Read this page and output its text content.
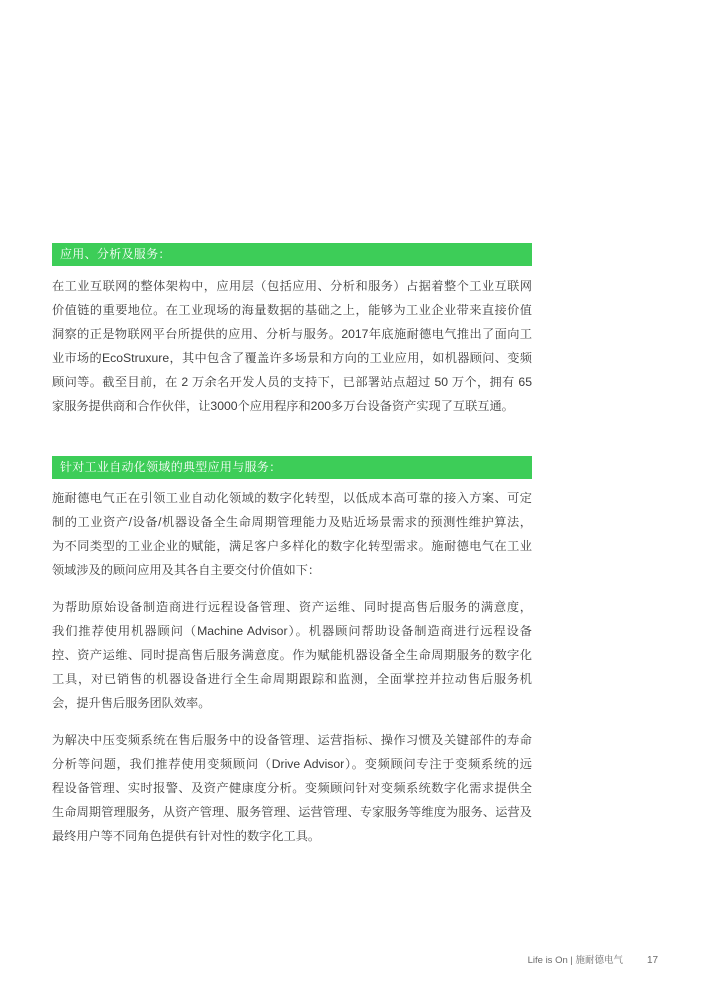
应用、分析及服务：
在工业互联网的整体架构中，应用层（包括应用、分析和服务）占据着整个工业互联网
价值链的重要地位。在工业现场的海量数据的基础之上，能够为工业企业带来直接价值
洞察的正是物联网平台所提供的应用、分析与服务。2017年底施耐德电气推出了面向工
业市场的EcoStruxure，其中包含了覆盖许多场景和方向的工业应用，如机器顾问、变频
顾问等。截至目前，在 2 万余名开发人员的支持下，已部署站点超过 50 万个，拥有 65
家服务提供商和合作伙伴，让3000个应用程序和200多万台设备资产实现了互联互通。
针对工业自动化领域的典型应用与服务：
施耐德电气正在引领工业自动化领域的数字化转型，以低成本高可靠的接入方案、可定
制的工业资产/设备/机器设备全生命周期管理能力及贴近场景需求的预测性维护算法，
为不同类型的工业企业的赋能，满足客户多样化的数字化转型需求。施耐德电气在工业
领域涉及的顾问应用及其各自主要交付价值如下：
为帮助原始设备制造商进行远程设备管理、资产运维、同时提高售后服务的满意度，
我们推荐使用机器顾问（Machine Advisor）。机器顾问帮助设备制造商进行远程设备
控、资产运维、同时提高售后服务满意度。作为赋能机器设备全生命周期服务的数字化
工具，对已销售的机器设备进行全生命周期跟踪和监测，全面掌控并拉动售后服务机
会，提升售后服务团队效率。
为解决中压变频系统在售后服务中的设备管理、运营指标、操作习惯及关键部件的寿命
分析等问题，我们推荐使用变频顾问（Drive Advisor）。变频顾问专注于变频系统的远
程设备管理、实时报警、及资产健康度分析。变频顾问针对变频系统数字化需求提供全
生命周期管理服务，从资产管理、服务管理、运营管理、专家服务等维度为服务、运营及
最终用户等不同角色提供有针对性的数字化工具。
Life is On | 施耐德电气 17
